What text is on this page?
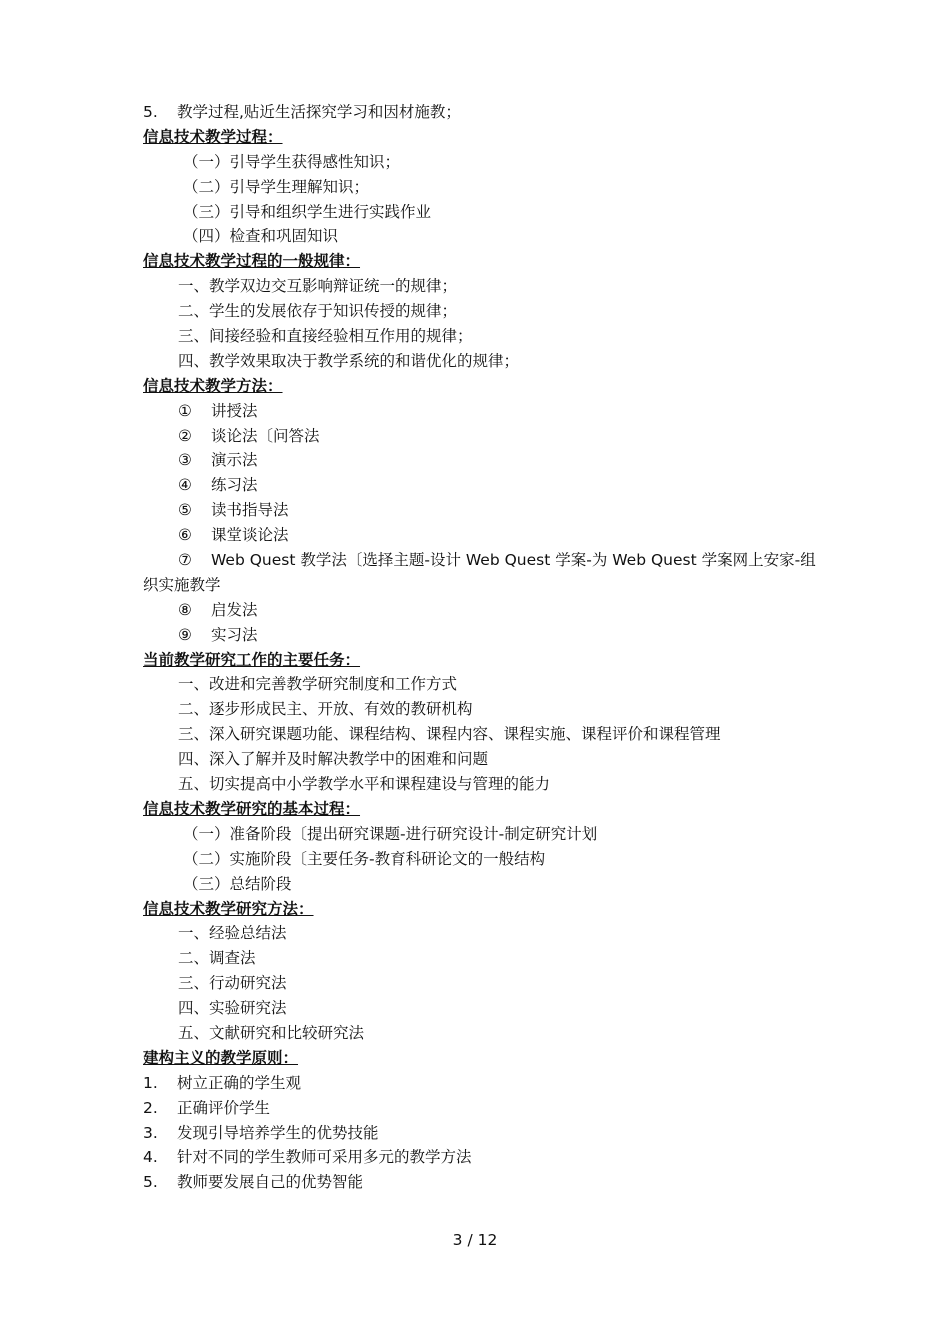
5. 教学过程,贴近生活探究学习和因材施教；
信息技术教学过程：
（一）引导学生获得感性知识；
（二）引导学生理解知识；
（三）引导和组织学生进行实践作业
（四）检查和巩固知识
信息技术教学过程的一般规律：
一、教学双边交互影响辩证统一的规律；
二、学生的发展依存于知识传授的规律；
三、间接经验和直接经验相互作用的规律；
四、教学效果取决于教学系统的和谐优化的规律；
信息技术教学方法：
① 讲授法
② 谈论法〔问答法
③ 演示法
④ 练习法
⑤ 读书指导法
⑥ 课堂谈论法
⑦ Web Quest 教学法〔选择主题-设计 Web Quest 学案-为 Web Quest 学案网上安家-组
织实施教学
⑧ 启发法
⑨ 实习法
当前教学研究工作的主要任务：
一、改进和完善教学研究制度和工作方式
二、逐步形成民主、开放、有效的教研机构
三、深入研究课题功能、课程结构、课程内容、课程实施、课程评价和课程管理
四、深入了解并及时解决教学中的困难和问题
五、切实提高中小学教学水平和课程建设与管理的能力
信息技术教学研究的基本过程：
（一）准备阶段〔提出研究课题-进行研究设计-制定研究计划
（二）实施阶段〔主要任务-教育科研论文的一般结构
（三）总结阶段
信息技术教学研究方法：
一、经验总结法
二、调查法
三、行动研究法
四、实验研究法
五、文献研究和比较研究法
建构主义的教学原则：
1. 树立正确的学生观
2. 正确评价学生
3. 发现引导培养学生的优势技能
4. 针对不同的学生教师可采用多元的教学方法
5. 教师要发展自己的优势智能
3 / 12
